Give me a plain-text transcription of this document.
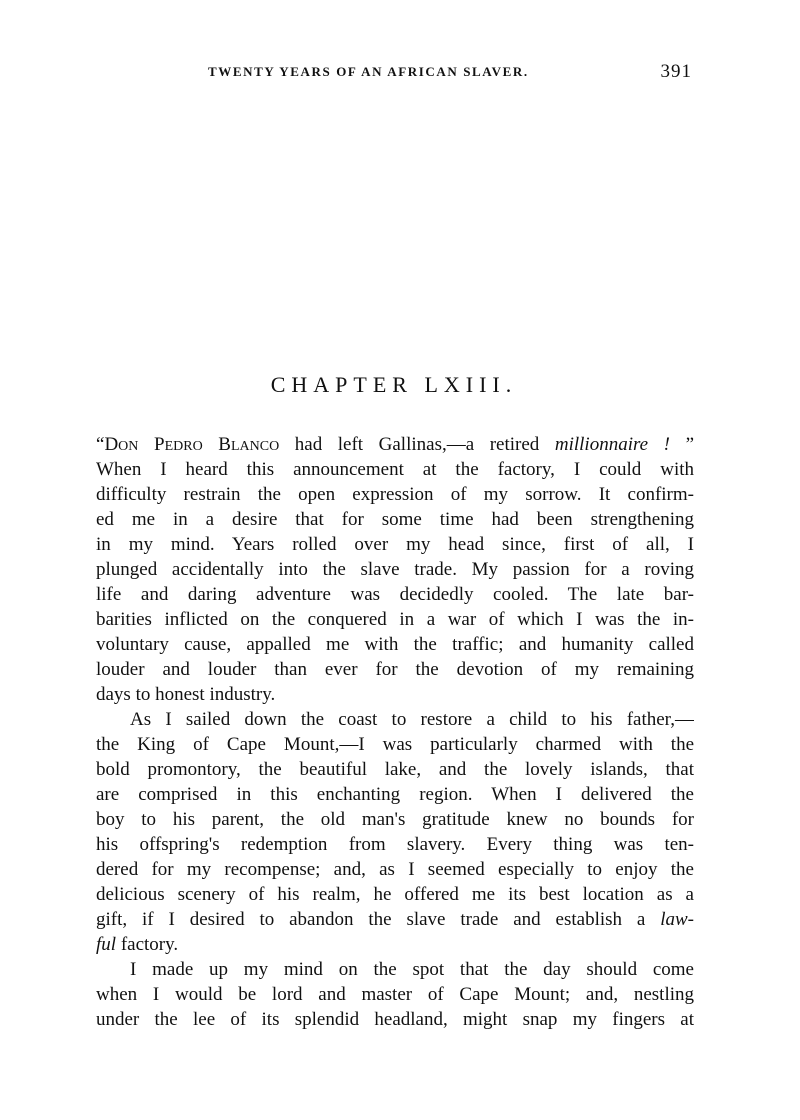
TWENTY YEARS OF AN AFRICAN SLAVER.	391
CHAPTER LXIII.
“DON PEDRO BLANCO had left Gallinas,—a retired millionnaire ! ”
When I heard this announcement at the factory, I could with
difficulty restrain the open expression of my sorrow. It confirm-
ed me in a desire that for some time had been strengthening
in my mind. Years rolled over my head since, first of all, I
plunged accidentally into the slave trade. My passion for a roving
life and daring adventure was decidedly cooled. The late bar-
barities inflicted on the conquered in a war of which I was the in-
voluntary cause, appalled me with the traffic; and humanity called
louder and louder than ever for the devotion of my remaining
days to honest industry.
As I sailed down the coast to restore a child to his father,—
the King of Cape Mount,—I was particularly charmed with the
bold promontory, the beautiful lake, and the lovely islands, that
are comprised in this enchanting region. When I delivered the
boy to his parent, the old man's gratitude knew no bounds for
his offspring's redemption from slavery. Every thing was ten-
dered for my recompense; and, as I seemed especially to enjoy the
delicious scenery of his realm, he offered me its best location as a
gift, if I desired to abandon the slave trade and establish a law-
ful factory.
I made up my mind on the spot that the day should come
when I would be lord and master of Cape Mount; and, nestling
under the lee of its splendid headland, might snap my fingers at
